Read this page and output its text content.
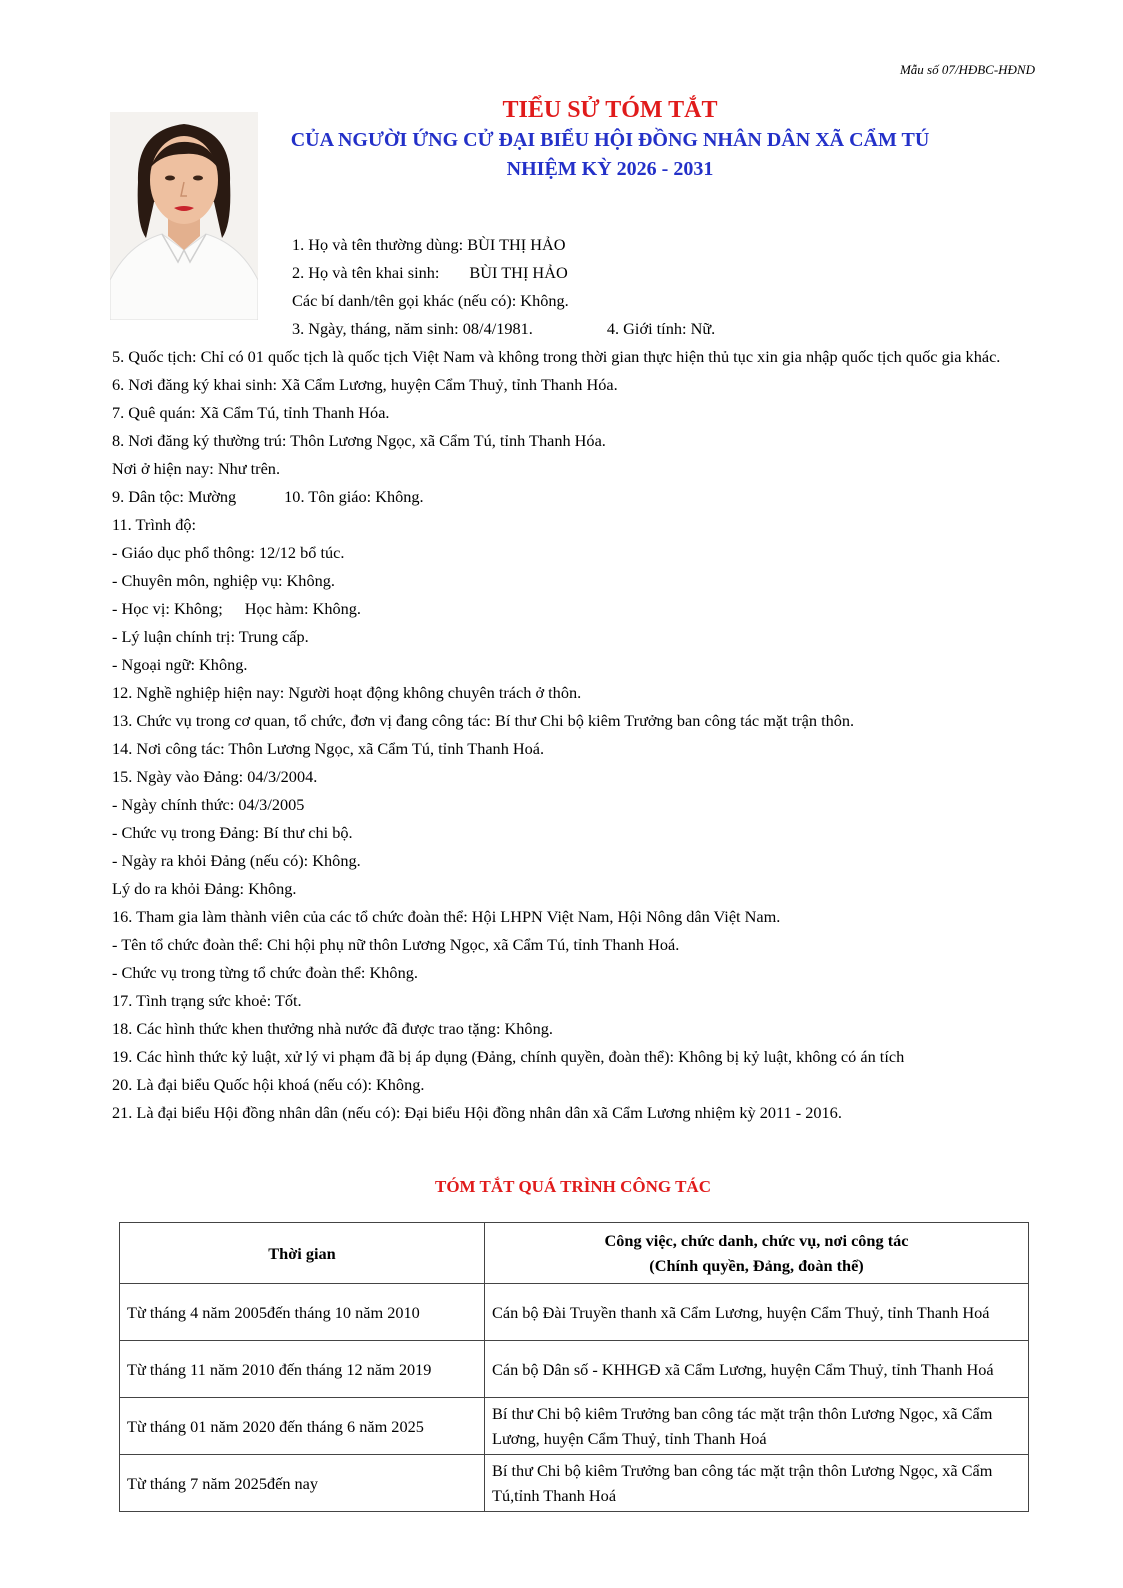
Mẫu số 07/HĐBC-HĐND
TIỂU SỬ TÓM TẮT
CỦA NGƯỜI ỨNG CỬ ĐẠI BIỂU HỘI ĐỒNG NHÂN DÂN XÃ CẨM TÚ
NHIỆM KỲ 2026 - 2031
1. Họ và tên thường dùng: BÙI THỊ HẢO
2. Họ và tên khai sinh: BÙI THỊ HẢO
Các bí danh/tên gọi khác (nếu có): Không.
3. Ngày, tháng, năm sinh: 08/4/1981.	4. Giới tính: Nữ.
5. Quốc tịch: Chỉ có 01 quốc tịch là quốc tịch Việt Nam và không trong thời gian thực hiện thủ tục xin gia nhập quốc tịch quốc gia khác.
6. Nơi đăng ký khai sinh: Xã Cẩm Lương, huyện Cẩm Thuỷ, tỉnh Thanh Hóa.
7. Quê quán: Xã Cẩm Tú, tỉnh Thanh Hóa.
8. Nơi đăng ký thường trú: Thôn Lương Ngọc, xã Cẩm Tú, tỉnh Thanh Hóa.
Nơi ở hiện nay: Như trên.
9. Dân tộc: Mường	10. Tôn giáo: Không.
11. Trình độ:
- Giáo dục phổ thông: 12/12 bổ túc.
- Chuyên môn, nghiệp vụ: Không.
- Học vị: Không; Học hàm: Không.
- Lý luận chính trị: Trung cấp.
- Ngoại ngữ: Không.
12. Nghề nghiệp hiện nay: Người hoạt động không chuyên trách ở thôn.
13. Chức vụ trong cơ quan, tổ chức, đơn vị đang công tác: Bí thư Chi bộ kiêm Trưởng ban công tác mặt trận thôn.
14. Nơi công tác: Thôn Lương Ngọc, xã Cẩm Tú, tỉnh Thanh Hoá.
15. Ngày vào Đảng: 04/3/2004.
- Ngày chính thức: 04/3/2005
- Chức vụ trong Đảng: Bí thư chi bộ.
- Ngày ra khỏi Đảng (nếu có): Không.
Lý do ra khỏi Đảng: Không.
16. Tham gia làm thành viên của các tổ chức đoàn thể: Hội LHPN Việt Nam, Hội Nông dân Việt Nam.
- Tên tổ chức đoàn thể: Chi hội phụ nữ thôn Lương Ngọc, xã Cẩm Tú, tỉnh Thanh Hoá.
- Chức vụ trong từng tổ chức đoàn thể: Không.
17. Tình trạng sức khoẻ: Tốt.
18. Các hình thức khen thưởng nhà nước đã được trao tặng: Không.
19. Các hình thức kỷ luật, xử lý vi phạm đã bị áp dụng (Đảng, chính quyền, đoàn thể): Không bị kỷ luật, không có án tích
20. Là đại biểu Quốc hội khoá (nếu có): Không.
21. Là đại biểu Hội đồng nhân dân (nếu có): Đại biểu Hội đồng nhân dân xã Cẩm Lương nhiệm kỳ 2011 - 2016.
TÓM TẮT QUÁ TRÌNH CÔNG TÁC
Thời gian	Công việc, chức danh, chức vụ, nơi công tác
(Chính quyền, Đảng, đoàn thể)

Từ tháng 4 năm 2005đến tháng 10 năm 2010	Cán bộ Đài Truyền thanh xã Cẩm Lương, huyện Cẩm Thuỷ, tỉnh Thanh Hoá
Từ tháng 11 năm 2010 đến tháng 12 năm 2019	Cán bộ Dân số - KHHGĐ xã Cẩm Lương, huyện Cẩm Thuỷ, tỉnh Thanh Hoá
Từ tháng 01 năm 2020 đến tháng 6 năm 2025	Bí thư Chi bộ kiêm Trưởng ban công tác mặt trận thôn Lương Ngọc, xã Cẩm Lương, huyện Cẩm Thuỷ, tỉnh Thanh Hoá
Từ tháng 7 năm 2025đến nay	Bí thư Chi bộ kiêm Trưởng ban công tác mặt trận thôn Lương Ngọc, xã Cẩm Tú,tỉnh Thanh Hoá
